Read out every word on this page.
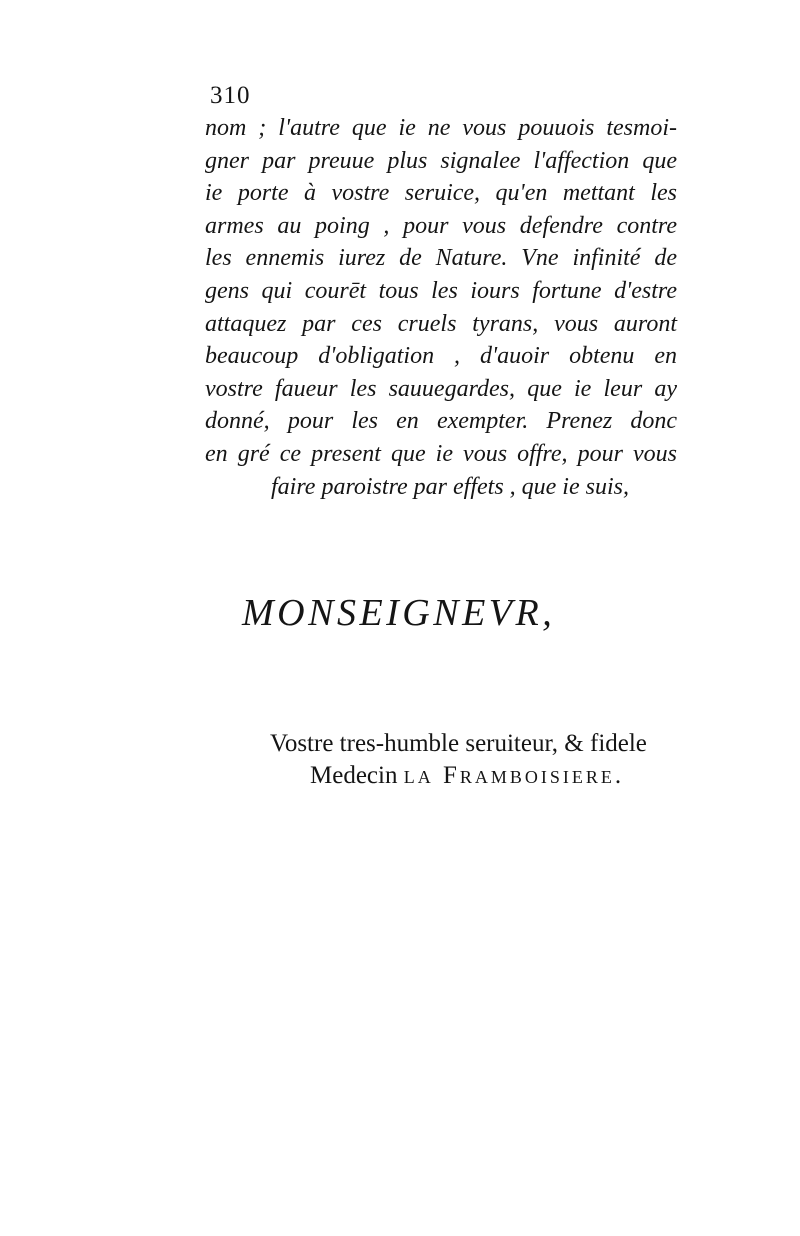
310
nom ; l'autre que ie ne vous pouuois tesmoi-
gner par preuue plus signalee l'affection que
ie porte à vostre seruice, qu'en mettant les
armes au poing , pour vous defendre contre
les ennemis iurez de Nature. Vne infinité de
gens qui courēt tous les iours fortune d'estre
attaquez par ces cruels tyrans, vous auront
beaucoup d'obligation , d'auoir obtenu en
vostre faueur les sauuegardes, que ie leur ay
donné, pour les en exempter. Prenez donc
en gré ce present que ie vous offre, pour vous
faire paroistre par effets , que ie suis,
MONSEIGNEVR,
Vostre tres-humble seruiteur, & fidele
Medecin la Framboisiere.
